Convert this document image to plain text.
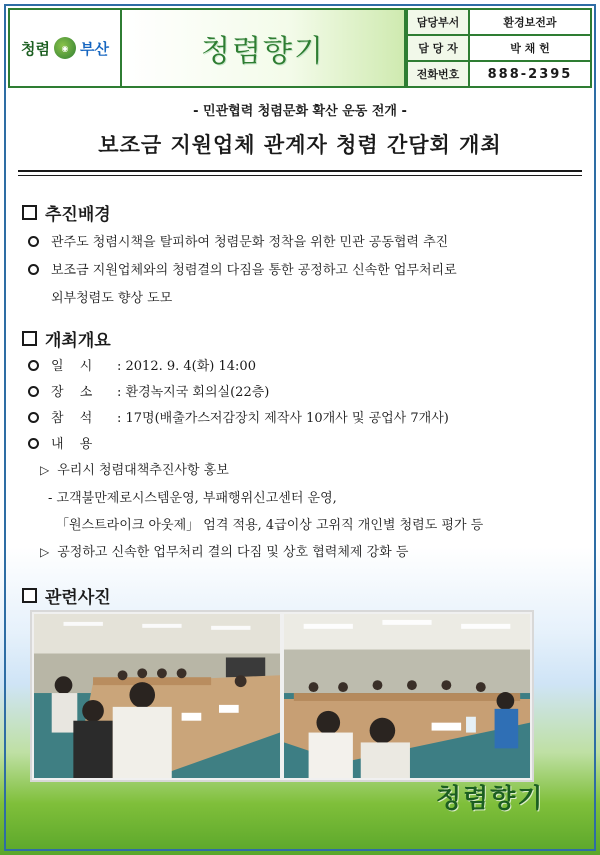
청렴	◉ 부산	청렴향기
담당부서	환경보전과
담 당 자	박 채 헌
전화번호	888-2395
- 민관협력 청렴문화 확산 운동 전개 -
보조금 지원업체 관계자 청렴 간담회 개최
추진배경
관주도 청렴시책을 탈피하여 청렴문화 정착을 위한 민관 공동협력 추진
보조금 지원업체와의 청렴결의 다짐을 통한 공정하고 신속한 업무처리로
외부청렴도 향상 도모
개최개요
일 시 : 2012. 9. 4(화) 14:00
장 소 : 환경녹지국 회의실(22층)
참 석 : 17명(배출가스저감장치 제작사 10개사 및 공업사 7개사)
내 용
▷ 우리시 청렴대책추진사항 홍보
- 고객불만제로시스템운영, 부패행위신고센터 운영,
「원스트라이크 아웃제」 엄격 적용, 4급이상 고위직 개인별 청렴도 평가 등
▷ 공정하고 신속한 업무처리 결의 다짐 및 상호 협력체제 강화 등
관련사진
청렴향기
